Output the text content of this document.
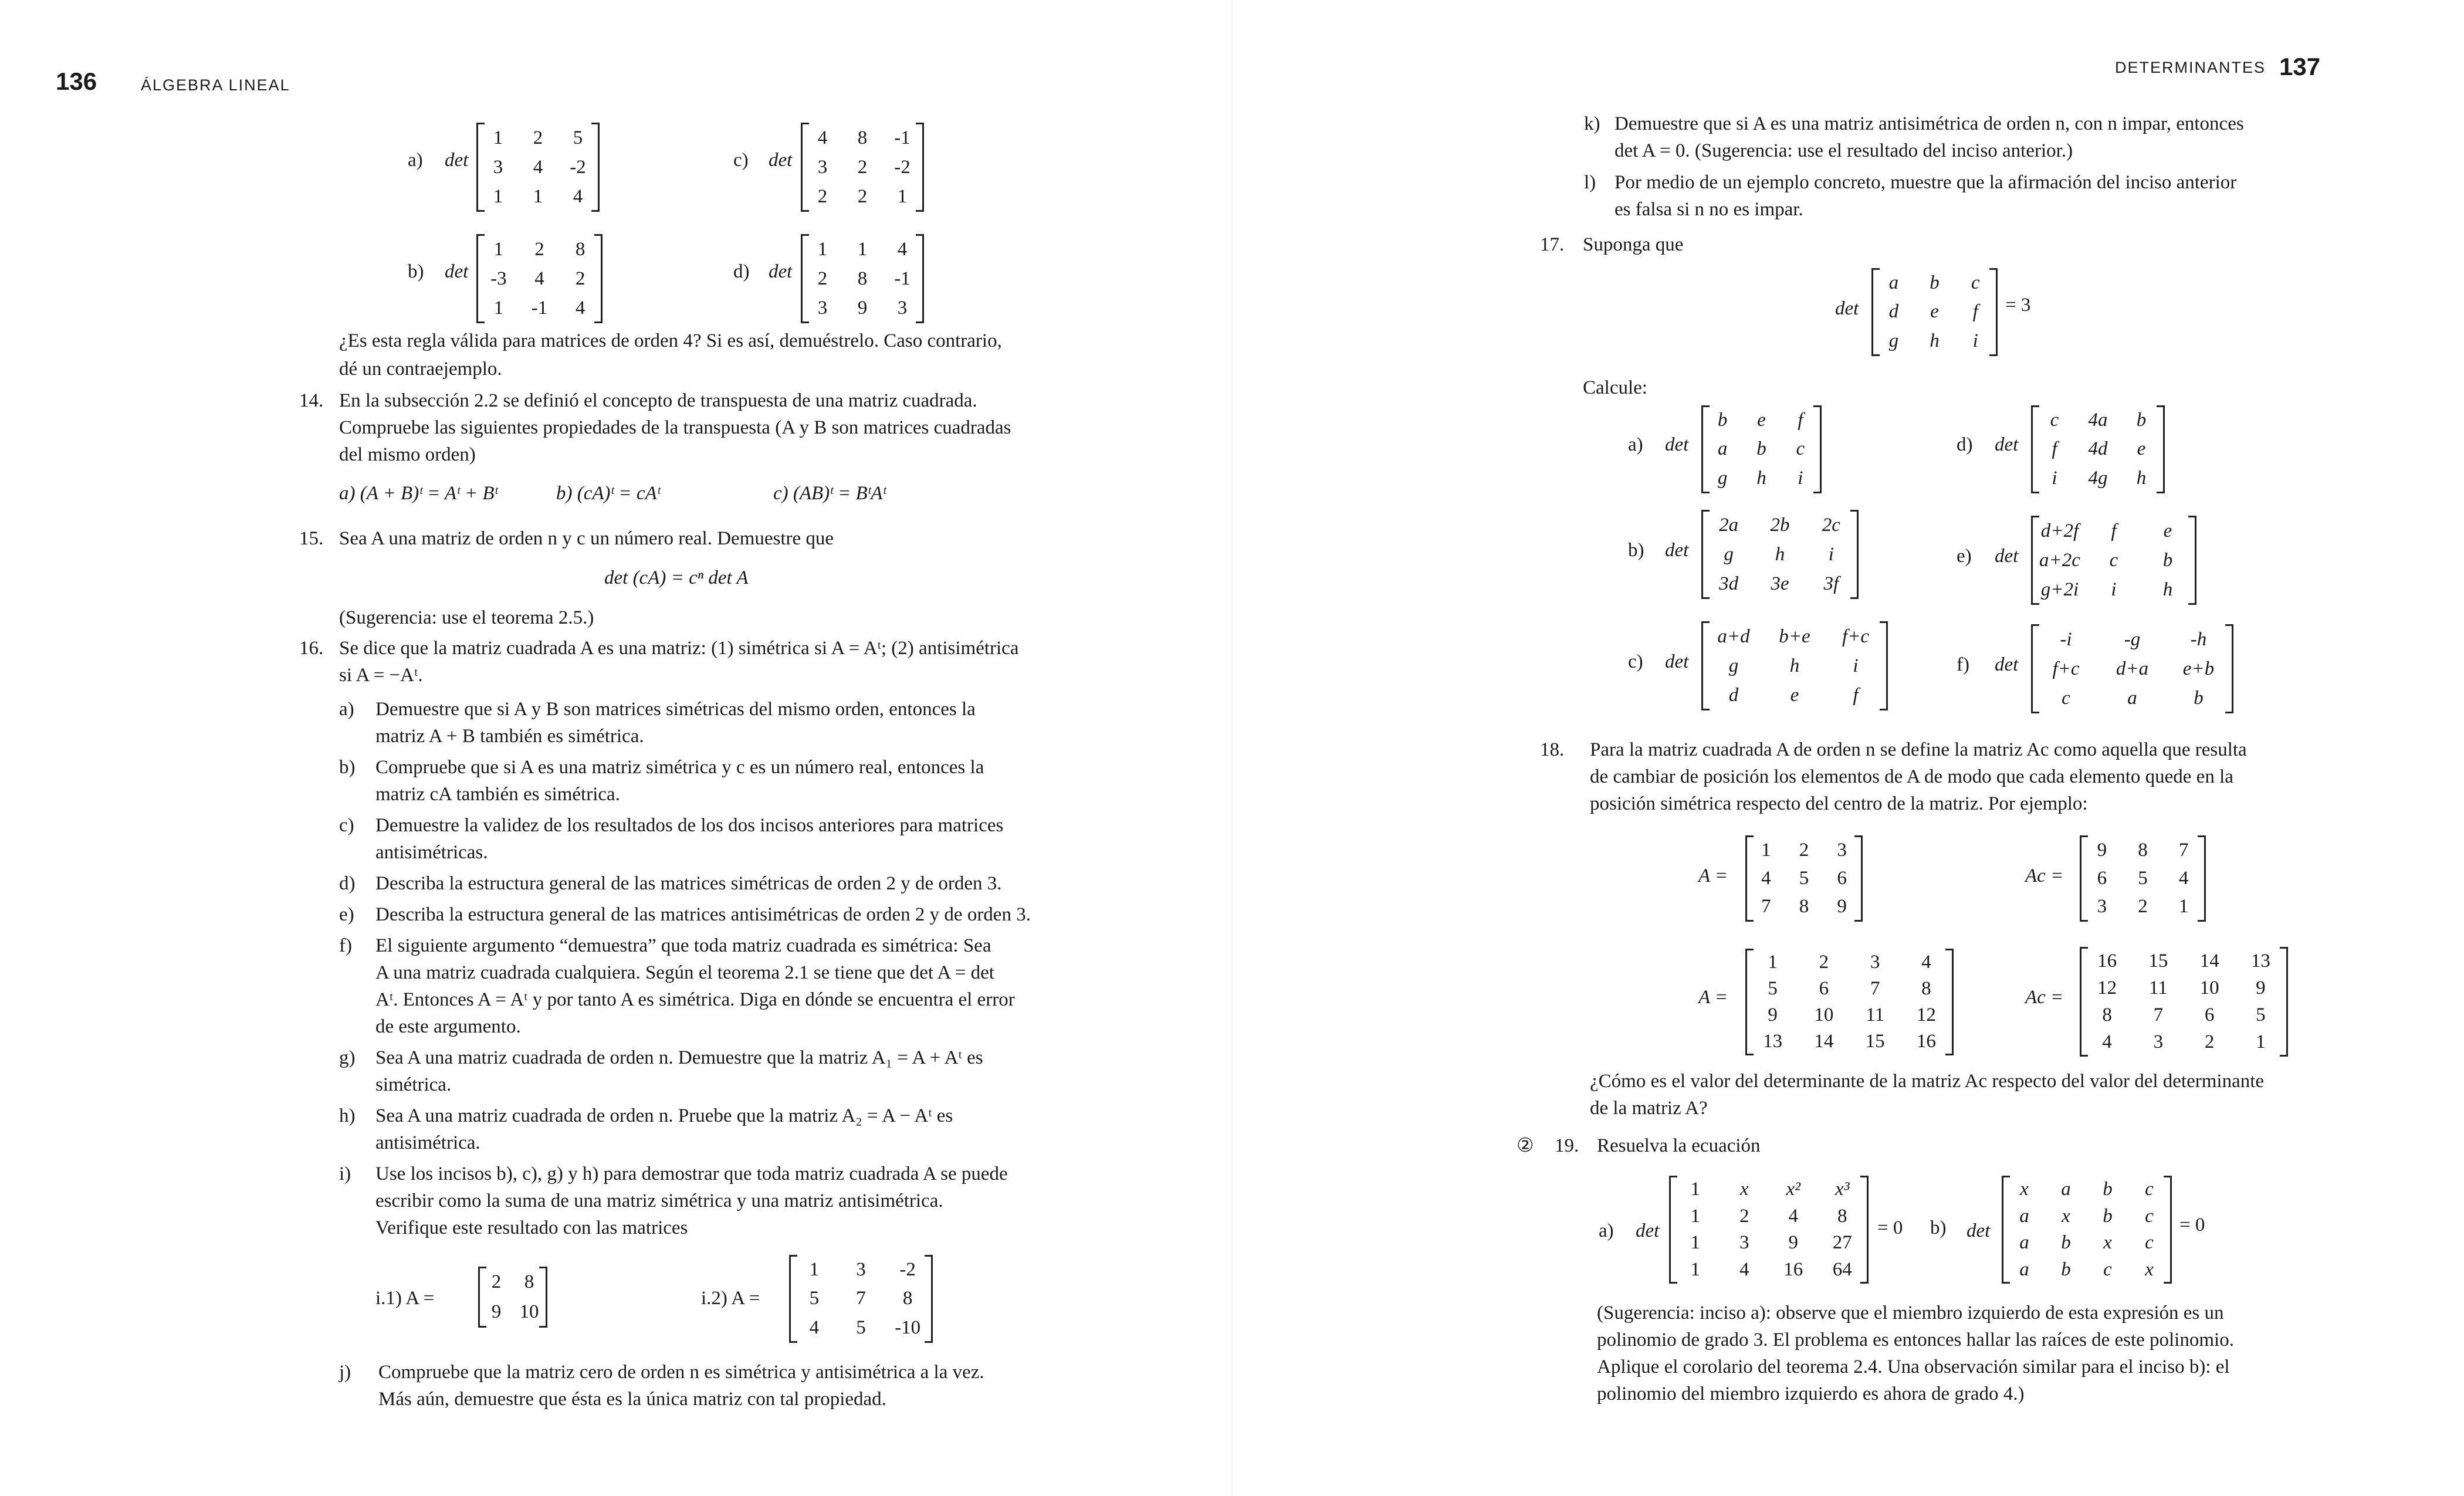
136	ÁLGEBRA LINEAL
a) det
1 2 5
3 4 -2
1 1 4
c) det
4 8 -1
3 2 -2
2 2 1
b) det
1 2 8
-3 4 2
1 -1 4
d) det
1 1 4
2 8 -1
3 9 3
¿Es esta regla válida para matrices de orden 4? Si es así, demuéstrelo. Caso contrario,
dé un contraejemplo.
14. En la subsección 2.2 se definió el concepto de transpuesta de una matriz cuadrada.
Compruebe las siguientes propiedades de la transpuesta (A y B son matrices cuadradas
del mismo orden)
a) (A + B)ᵗ = Aᵗ + Bᵗ	b) (cA)ᵗ = cAᵗ	c) (AB)ᵗ = BᵗAᵗ
15. Sea A una matriz de orden n y c un número real. Demuestre que
det (cA) = cⁿ det A
(Sugerencia: use el teorema 2.5.)
16. Se dice que la matriz cuadrada A es una matriz: (1) simétrica si A = Aᵗ; (2) antisimétrica
si A = −Aᵗ.
a) Demuestre que si A y B son matrices simétricas del mismo orden, entonces la
matriz A + B también es simétrica.
b) Compruebe que si A es una matriz simétrica y c es un número real, entonces la
matriz cA también es simétrica.
c) Demuestre la validez de los resultados de los dos incisos anteriores para matrices
antisimétricas.
d) Describa la estructura general de las matrices simétricas de orden 2 y de orden 3.
e) Describa la estructura general de las matrices antisimétricas de orden 2 y de orden 3.
f) El siguiente argumento “demuestra” que toda matriz cuadrada es simétrica: Sea
A una matriz cuadrada cualquiera. Según el teorema 2.1 se tiene que det A = det
Aᵗ. Entonces A = Aᵗ y por tanto A es simétrica. Diga en dónde se encuentra el error
de este argumento.
g) Sea A una matriz cuadrada de orden n. Demuestre que la matriz A₁ = A + Aᵗ es
simétrica.
h) Sea A una matriz cuadrada de orden n. Pruebe que la matriz A₂ = A − Aᵗ es
antisimétrica.
i) Use los incisos b), c), g) y h) para demostrar que toda matriz cuadrada A se puede
escribir como la suma de una matriz simétrica y una matriz antisimétrica.
Verifique este resultado con las matrices
i.1) A =
2 8
9 10
i.2) A =
1 3 -2
5 7 8
4 5 -10
j) Compruebe que la matriz cero de orden n es simétrica y antisimétrica a la vez.
Más aún, demuestre que ésta es la única matriz con tal propiedad.
DETERMINANTES 137
k) Demuestre que si A es una matriz antisimétrica de orden n, con n impar, entonces
det A = 0. (Sugerencia: use el resultado del inciso anterior.)
l) Por medio de un ejemplo concreto, muestre que la afirmación del inciso anterior
es falsa si n no es impar.
17. Suponga que
det
a b c
d e f
g h i
= 3
Calcule:
a) det
b e f
a b c
g h i
d) det
c 4a b
f 4d e
i 4g h
b) det
2a 2b 2c
g h i
3d 3e 3f
e) det
d+2f f e
a+2c c b
g+2i i h
c) det
a+d b+e f+c
g	h	i
d	e	f
f) det
-i	-g	-h
f+c d+a e+b
c	a	b
18. Para la matriz cuadrada A de orden n se define la matriz Ac como aquella que resulta
de cambiar de posición los elementos de A de modo que cada elemento quede en la
posición simétrica respecto del centro de la matriz. Por ejemplo:
A =
1 2 3
4 5 6
7 8 9
Ac =
9 8 7
6 5 4
3 2 1
A =
1 2 3 4
5 6 7 8
9 10 11 12
13 14 15 16
Ac =
16 15 14 13
12 11 10 9
8 7 6 5
4 3 2 1
¿Cómo es el valor del determinante de la matriz Ac respecto del valor del determinante
de la matriz A?
② 19. Resuelva la ecuación
a) det
1 x x² x³
1 2 4 8
1 3 9 27
1 4 16 64
= 0 b) det
x a b c
a x b c
a b x c
a b c x
= 0
(Sugerencia: inciso a): observe que el miembro izquierdo de esta expresión es un
polinomio de grado 3. El problema es entonces hallar las raíces de este polinomio.
Aplique el corolario del teorema 2.4. Una observación similar para el inciso b): el
polinomio del miembro izquierdo es ahora de grado 4.)
